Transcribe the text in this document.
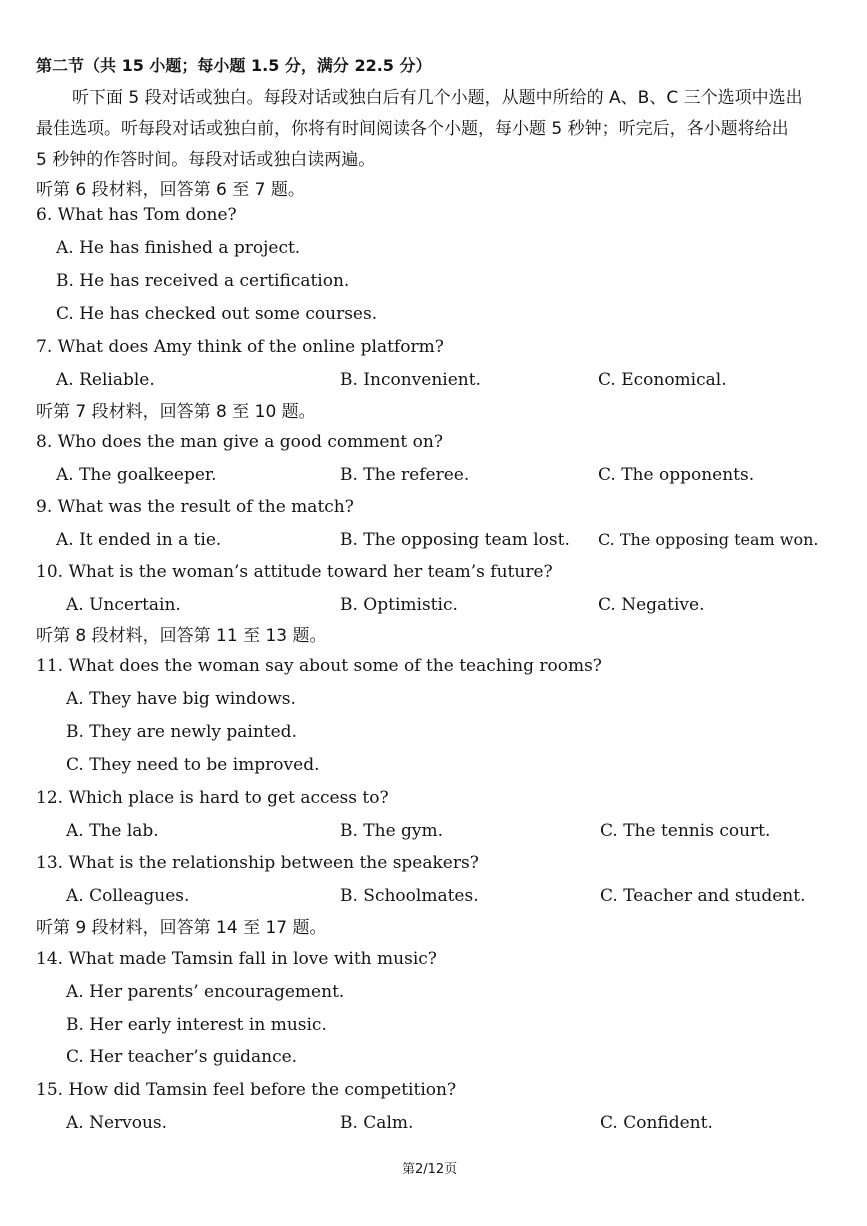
第二节（共 15 小题；每小题 1.5 分，满分 22.5 分）
听下面 5 段对话或独白。每段对话或独白后有几个小题，从题中所给的 A、B、C 三个选项中选出
最佳选项。听每段对话或独白前，你将有时间阅读各个小题，每小题 5 秒钟；听完后，各小题将给出
5 秒钟的作答时间。每段对话或独白读两遍。
听第 6 段材料，回答第 6 至 7 题。
6. What has Tom done?
A. He has finished a project.
B. He has received a certification.
C. He has checked out some courses.
7. What does Amy think of the online platform?
A. Reliable.	B. Inconvenient.	C. Economical.
听第 7 段材料，回答第 8 至 10 题。
8. Who does the man give a good comment on?
A. The goalkeeper.	B. The referee.	C. The opponents.
9. What was the result of the match?
A. It ended in a tie.	B. The opposing team lost. C. The opposing team won.
10. What is the woman’s attitude toward her team’s future?
A. Uncertain.	B. Optimistic.	C. Negative.
听第 8 段材料，回答第 11 至 13 题。
11. What does the woman say about some of the teaching rooms?
A. They have big windows.
B. They are newly painted.
C. They need to be improved.
12. Which place is hard to get access to?
A. The lab.	B. The gym.	C. The tennis court.
13. What is the relationship between the speakers?
A. Colleagues.	B. Schoolmates.	C. Teacher and student.
听第 9 段材料，回答第 14 至 17 题。
14. What made Tamsin fall in love with music?
A. Her parents’ encouragement.
B. Her early interest in music.
C. Her teacher’s guidance.
15. How did Tamsin feel before the competition?
A. Nervous.	B. Calm.	C. Confident.
第2/12页
